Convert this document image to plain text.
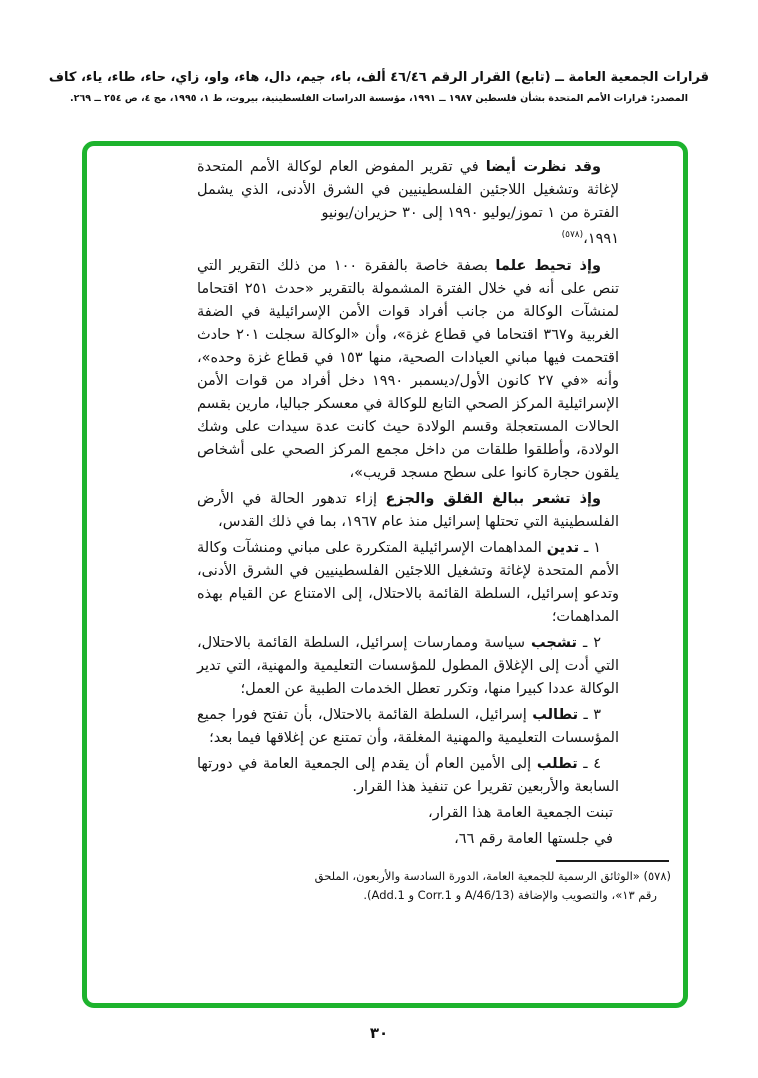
قرارات الجمعية العامة ــ (تابع) القرار الرقم ٤٦/٤٦ ألف، باء، جيم، دال، هاء، واو، زاي، حاء، طاء، ياء، كاف
المصدر: قرارات الأمم المتحدة بشأن فلسطين ١٩٨٧ ــ ١٩٩١، مؤسسة الدراسات الفلسطينية، بيروت، ط ١، ١٩٩٥، مج ٤، ص ٢٥٤ ــ ٢٦٩.
وقد نظرت أيضا في تقرير المفوض العام لوكالة الأمم المتحدة لإغاثة وتشغيل اللاجئين الفلسطينيين في الشرق الأدنى، الذي يشمل الفترة من ١ تموز/يوليو ١٩٩٠ إلى ٣٠ حزيران/يونيو
١٩٩١،$^{(٥٧٨)}$
وإذ تحيط علما بصفة خاصة بالفقرة ١٠٠ من ذلك التقرير التي تنص على أنه في خلال الفترة المشمولة بالتقرير «حدث ٢٥١ اقتحاما لمنشآت الوكالة من جانب أفراد قوات الأمن الإسرائيلية في الضفة الغربية و٣٦٧ اقتحاما في قطاع غزة»، وأن «الوكالة سجلت ٢٠١ حادث اقتحمت فيها مباني العيادات الصحية، منها ١٥٣ في قطاع غزة وحده»، وأنه «في ٢٧ كانون الأول/ديسمبر ١٩٩٠ دخل أفراد من قوات الأمن الإسرائيلية المركز الصحي التابع للوكالة في معسكر جباليا، مارين بقسم الحالات المستعجلة وقسم الولادة حيث كانت عدة سيدات على وشك الولادة، وأطلقوا طلقات من داخل مجمع المركز الصحي على أشخاص يلقون حجارة كانوا على سطح مسجد قريب»،
وإذ تشعر ببالغ القلق والجزع إزاء تدهور الحالة في الأرض الفلسطينية التي تحتلها إسرائيل منذ عام ١٩٦٧، بما في ذلك القدس،
١ ـ تدين المداهمات الإسرائيلية المتكررة على مباني ومنشآت وكالة الأمم المتحدة لإغاثة وتشغيل اللاجئين الفلسطينيين في الشرق الأدنى، وتدعو إسرائيل، السلطة القائمة بالاحتلال، إلى الامتناع عن القيام بهذه المداهمات؛
٢ ـ تشجب سياسة وممارسات إسرائيل، السلطة القائمة بالاحتلال، التي أدت إلى الإغلاق المطول للمؤسسات التعليمية والمهنية، التي تدير الوكالة عددا كبيرا منها، وتكرر تعطل الخدمات الطبية عن العمل؛
٣ ـ تطالب إسرائيل، السلطة القائمة بالاحتلال، بأن تفتح فورا جميع المؤسسات التعليمية والمهنية المغلقة، وأن تمتنع عن إغلاقها فيما بعد؛
٤ ـ تطلب إلى الأمين العام أن يقدم إلى الجمعية العامة في دورتها السابعة والأربعين تقريرا عن تنفيذ هذا القرار.
تبنت الجمعية العامة هذا القرار،
في جلستها العامة رقم ٦٦،
(٥٧٨) «الوثائق الرسمية للجمعية العامة، الدورة السادسة والأربعون، الملحق
رقم ١٣»، والتصويب والإضافة (A/46/13 و Corr.1 و Add.1).
٣٠
